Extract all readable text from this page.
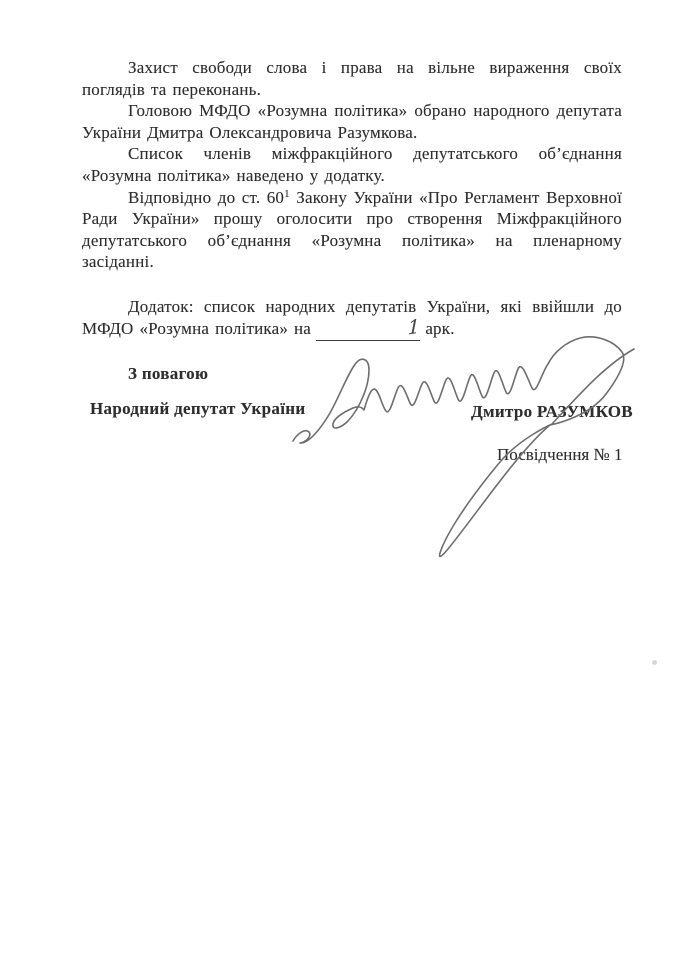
Захист свободи слова і права на вільне вираження своїх поглядів та переконань.

Головою МФДО «Розумна політика» обрано народного депутата України Дмитра Олександровича Разумкова.

Список членів міжфракційного депутатського об’єднання «Розумна політика» наведено у додатку.

Відповідно до ст. 60$^1$ Закону України «Про Регламент Верховної Ради України» прошу оголосити про створення Міжфракційного депутатського об’єднання «Розумна політика» на пленарному засіданні.

Додаток: список народних депутатів України, які ввійшли до МФДО «Розумна політика» на	1 арк.

З повагою
Народний депутат України	Дмитро РАЗУМКОВ
Посвідчення № 1
